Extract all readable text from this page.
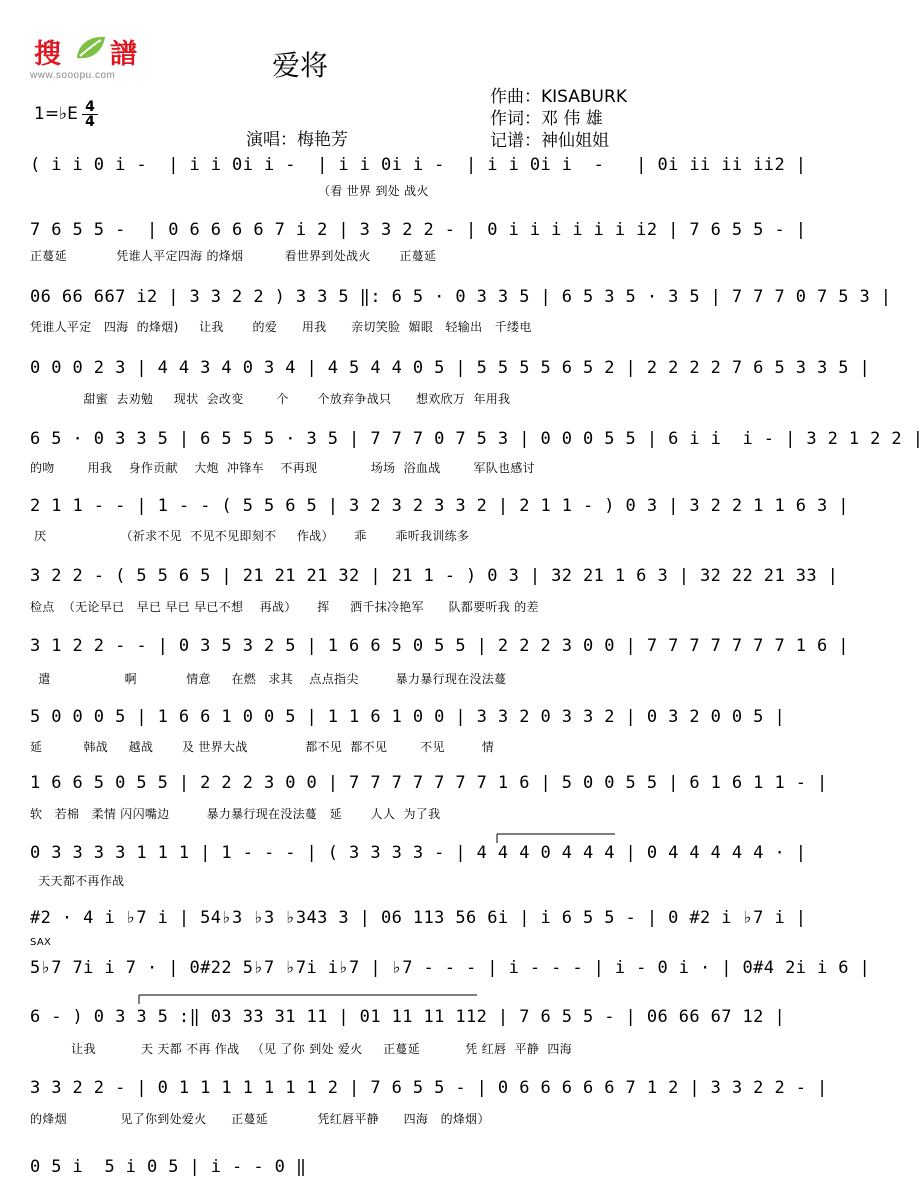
搜 譜
www.sooopu.com	爱将
作曲：KISABURK
作词：邓 伟 雄
记谱：神仙姐姐
1=♭E $\frac{4}{4}$
演唱：梅艳芳
( i i 0 i -  | i i 0i i -  | i i 0i i -  | i i 0i i  -   | 0i ii ii ii2 |
（看 世界 到处 战火
7 6 5 5 -  | 0 6 6 6 6 7 i 2 | 3 3 2 2 - | 0 i i i i i i i2 | 7 6 5 5 - |
正蔓延            凭谁人平定四海 的烽烟          看世界到处战火       正蔓延
06 66 667 i2 | 3 3 2 2 ) 3 3 5 ‖: 6 5 · 0 3 3 5 | 6 5 3 5 · 3 5 | 7 7 7 0 7 5 3 |
凭谁人平定   四海  的烽烟)     让我       的爱      用我      亲切笑脸  媚眼   轻输出   千缕电
0 0 0 2 3 | 4 4 3 4 0 3 4 | 4 5 4 4 0 5 | 5 5 5 5 6 5 2 | 2 2 2 2 7 6 5 3 3 5 |
甜蜜  去劝勉     现状  会改变        个       个放弃争战只      想欢欣万  年用我
6 5 · 0 3 3 5 | 6 5 5 5 · 3 5 | 7 7 7 0 7 5 3 | 0 0 0 5 5 | 6 i i  i - | 3 2 1 2 2 |
的吻        用我    身作贡献    大炮  冲锋车    不再现             场场  浴血战        军队也感讨
2 1 1 - - | 1 - - ( 5 5 6 5 | 3 2 3 2 3 3 2 | 2 1 1 - ) 0 3 | 3 2 2 1 1 6 3 |
厌                  （祈求不见  不见不见即刻不     作战）     乖       乖听我训练多
3 2 2 - ( 5 5 6 5 | 21 21 21 32 | 21 1 - ) 0 3 | 32 21 1 6 3 | 32 22 21 33 |
检点  （无论早已   早已 早已 早已不想    再战）     挥     洒千抹冷艳军      队都要听我 的差
3 1 2 2 - - | 0 3 5 3 2 5 | 1 6 6 5 0 5 5 | 2 2 2 3 0 0 | 7 7 7 7 7 7 7 1 6 |
遣                  啊            情意     在燃   求其    点点指尖         暴力暴行现在没法蔓
5 0 0 0 5 | 1 6 6 1 0 0 5 | 1 1 6 1 0 0 | 3 3 2 0 3 3 2 | 0 3 2 0 0 5 |
延          韩战     越战       及 世界大战              都不见  都不见        不见         情
1 6 6 5 0 5 5 | 2 2 2 3 0 0 | 7 7 7 7 7 7 7 1 6 | 5 0 0 5 5 | 6 1 6 1 1 - |
软   若棉   柔情 闪闪嘴边         暴力暴行现在没法蔓   延       人人  为了我
0 3 3 3 3 1 1 1 | 1 - - - | ( 3 3 3 3 - | 4 4 4 0 4 4 4 | 0 4 4 4 4 4 · |
天天都不再作战
#2 · 4 i ♭7 i | 54♭3 ♭3 ♭343 3 | 06 113 56 6i | i 6 5 5 - | 0 #2 i ♭7 i |
SAX
5♭7 7i i 7 · | 0#22 5♭7 ♭7i i♭7 | ♭7 - - - | i - - - | i - 0 i · | 0#4 2i i 6 |
6 - ) 0 3 3 5 :‖ 03 33 31 11 | 01 11 11 112 | 7 6 5 5 - | 06 66 67 12 |
让我           天 天都 不再 作战   （见 了你 到处 爱火     正蔓延           凭 红唇  平静  四海
3 3 2 2 - | 0 1 1 1 1 1 1 1 2 | 7 6 5 5 - | 0 6 6 6 6 6 7 1 2 | 3 3 2 2 - |
的烽烟             见了你到处爱火      正蔓延            凭红唇平静      四海   的烽烟）
0 5 i  5 i 0 5 | i - - 0 ‖
